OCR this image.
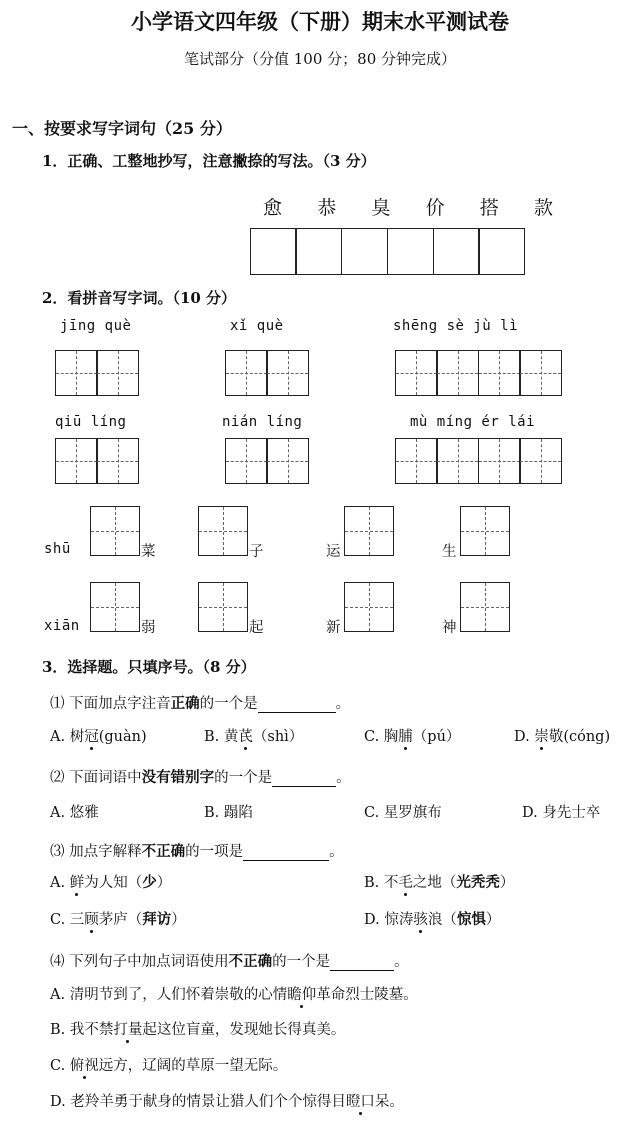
小学语文四年级（下册）期末水平测试卷
笔试部分（分值 100 分；80 分钟完成）
一、按要求写字词句（25 分）
1．正确、工整地抄写，注意撇捺的写法。（3 分）
愈 恭 臭 价 搭 款
2．看拼音写字词。（10 分）
jīng què	xǐ què	shēng sè jù lì
qiū líng	nián líng	mù míng ér lái
shū	菜	子	运	生
xiān	弱	起	新	神
3．选择题。只填序号。（8 分）
⑴ 下面加点字注音正确的一个是	。
A. 树冠(guàn)	B. 黄芪（shì）	C. 胸脯（pú）	D. 崇敬(cóng)
⑵ 下面词语中没有错别字的一个是	。
A. 悠雅	B. 蹋陷	C. 星罗旗布	D. 身先士卒
⑶ 加点字解释不正确的一项是	。
A. 鲜为人知（少）	B. 不毛之地（光秃秃）
C. 三顾茅庐（拜访）	D. 惊涛骇浪（惊惧）
⑷ 下列句子中加点词语使用不正确的一个是	。
A. 清明节到了，人们怀着崇敬的心情瞻仰革命烈士陵墓。
B. 我不禁打量起这位盲童，发现她长得真美。
C. 俯视远方，辽阔的草原一望无际。
D. 老羚羊勇于献身的情景让猎人们个个惊得目瞪口呆。
